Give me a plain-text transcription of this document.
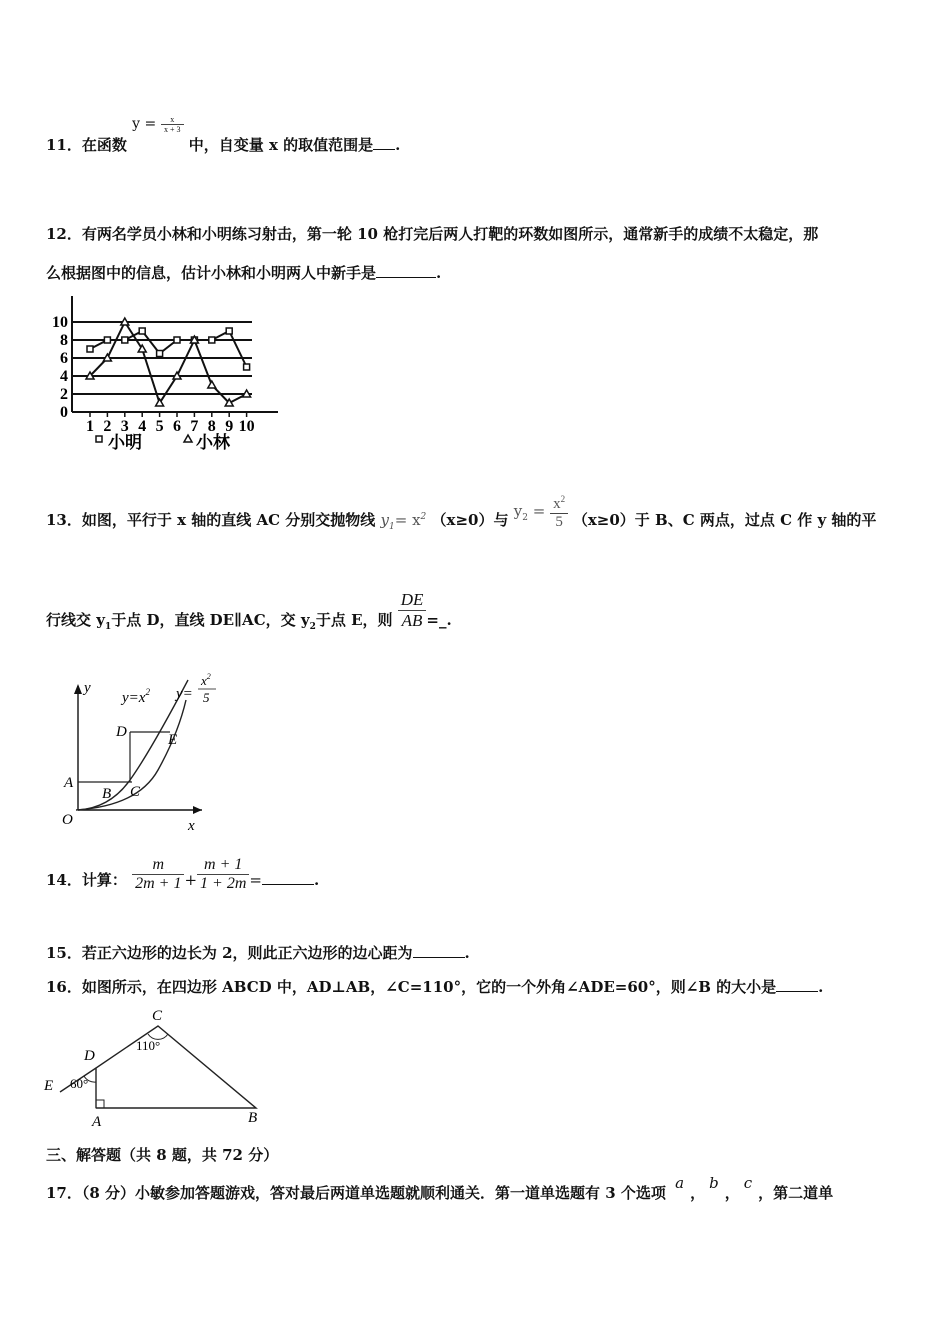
11．在函数 $y = \frac{x}{x + 3}$
中，自变量 x 的取值范围是 .
12．有两名学员小林和小明练习射击，第一轮 10 枪打完后两人打靶的环数如图所示，通常新手的成绩不太稳定，那
么根据图中的信息，估计小林和小明两人中新手是	.
1 2 3 4 5 6 7 8 9 10
0
2
4
6
8
10
小明	小林
13．如图，平行于 x 轴的直线 AC 分别交抛物线 $y_1= x^2$ （x≥0）与 $y_2 = \frac{x^2}{5} (x\ge 0)$于 B、C 两点，过点 C 作 y 轴的平
行线交 $y_1$于点 D，直线 DE∥AC，交 $y_2$于点 E，则 $\frac{DE}{AB}$ =_.
y
x
O
A
B C
D	E
$y=x^2$ y=
$x^2$
5
14．计算： $\frac{m}{2m + 1} + \frac{m + 1}{1 + 2m}$ =	.
15．若正六边形的边长为 2，则此正六边形的边心距为	.
16．如图所示，在四边形 ABCD 中，AD⊥AB，∠C=110°，它的一个外角∠ADE=60°，则∠B 的大小是	.
C
D
E
A	B
110°
60°
三、解答题（共 8 题，共 72 分）
17．（8 分）小敏参加答题游戏，答对最后两道单选题就顺利通关．第一道单选题有 3 个选项 a，b，c，第二道单
